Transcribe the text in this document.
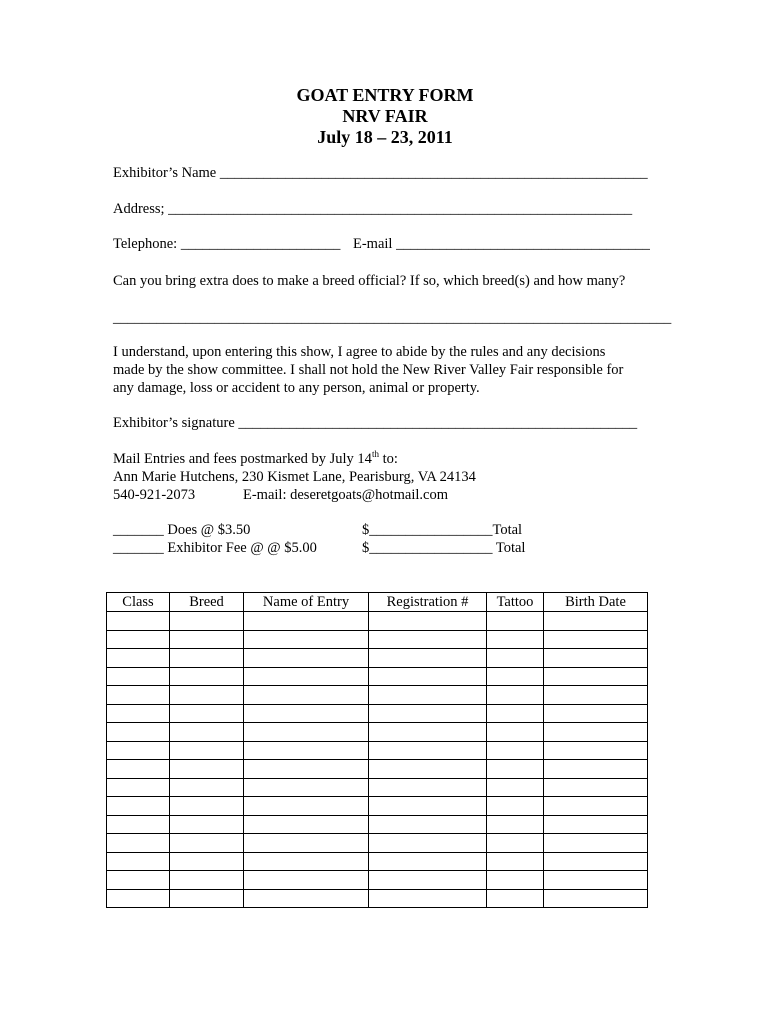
GOAT ENTRY FORM
NRV FAIR
July 18 – 23, 2011
Exhibitor’s Name ___________________________________________________________
Address; ________________________________________________________________
Telephone: ______________________ E-mail ___________________________________
Can you bring extra does to make a breed official? If so, which breed(s) and how many?
_____________________________________________________________________________
I understand, upon entering this show, I agree to abide by the rules and any decisions
made by the show committee. I shall not hold the New River Valley Fair responsible for
any damage, loss or accident to any person, animal or property.
Exhibitor’s signature _______________________________________________________
Mail Entries and fees postmarked by July 14th to:
Ann Marie Hutchens, 230 Kismet Lane, Pearisburg, VA 24134
540-921-2073	E-mail: deseretgoats@hotmail.com
_______ Does @ $3.50	$_________________Total
_______ Exhibitor Fee @ @ $5.00	$_________________ Total
Class	Breed	Name of Entry	Registration #	Tattoo	Birth Date
